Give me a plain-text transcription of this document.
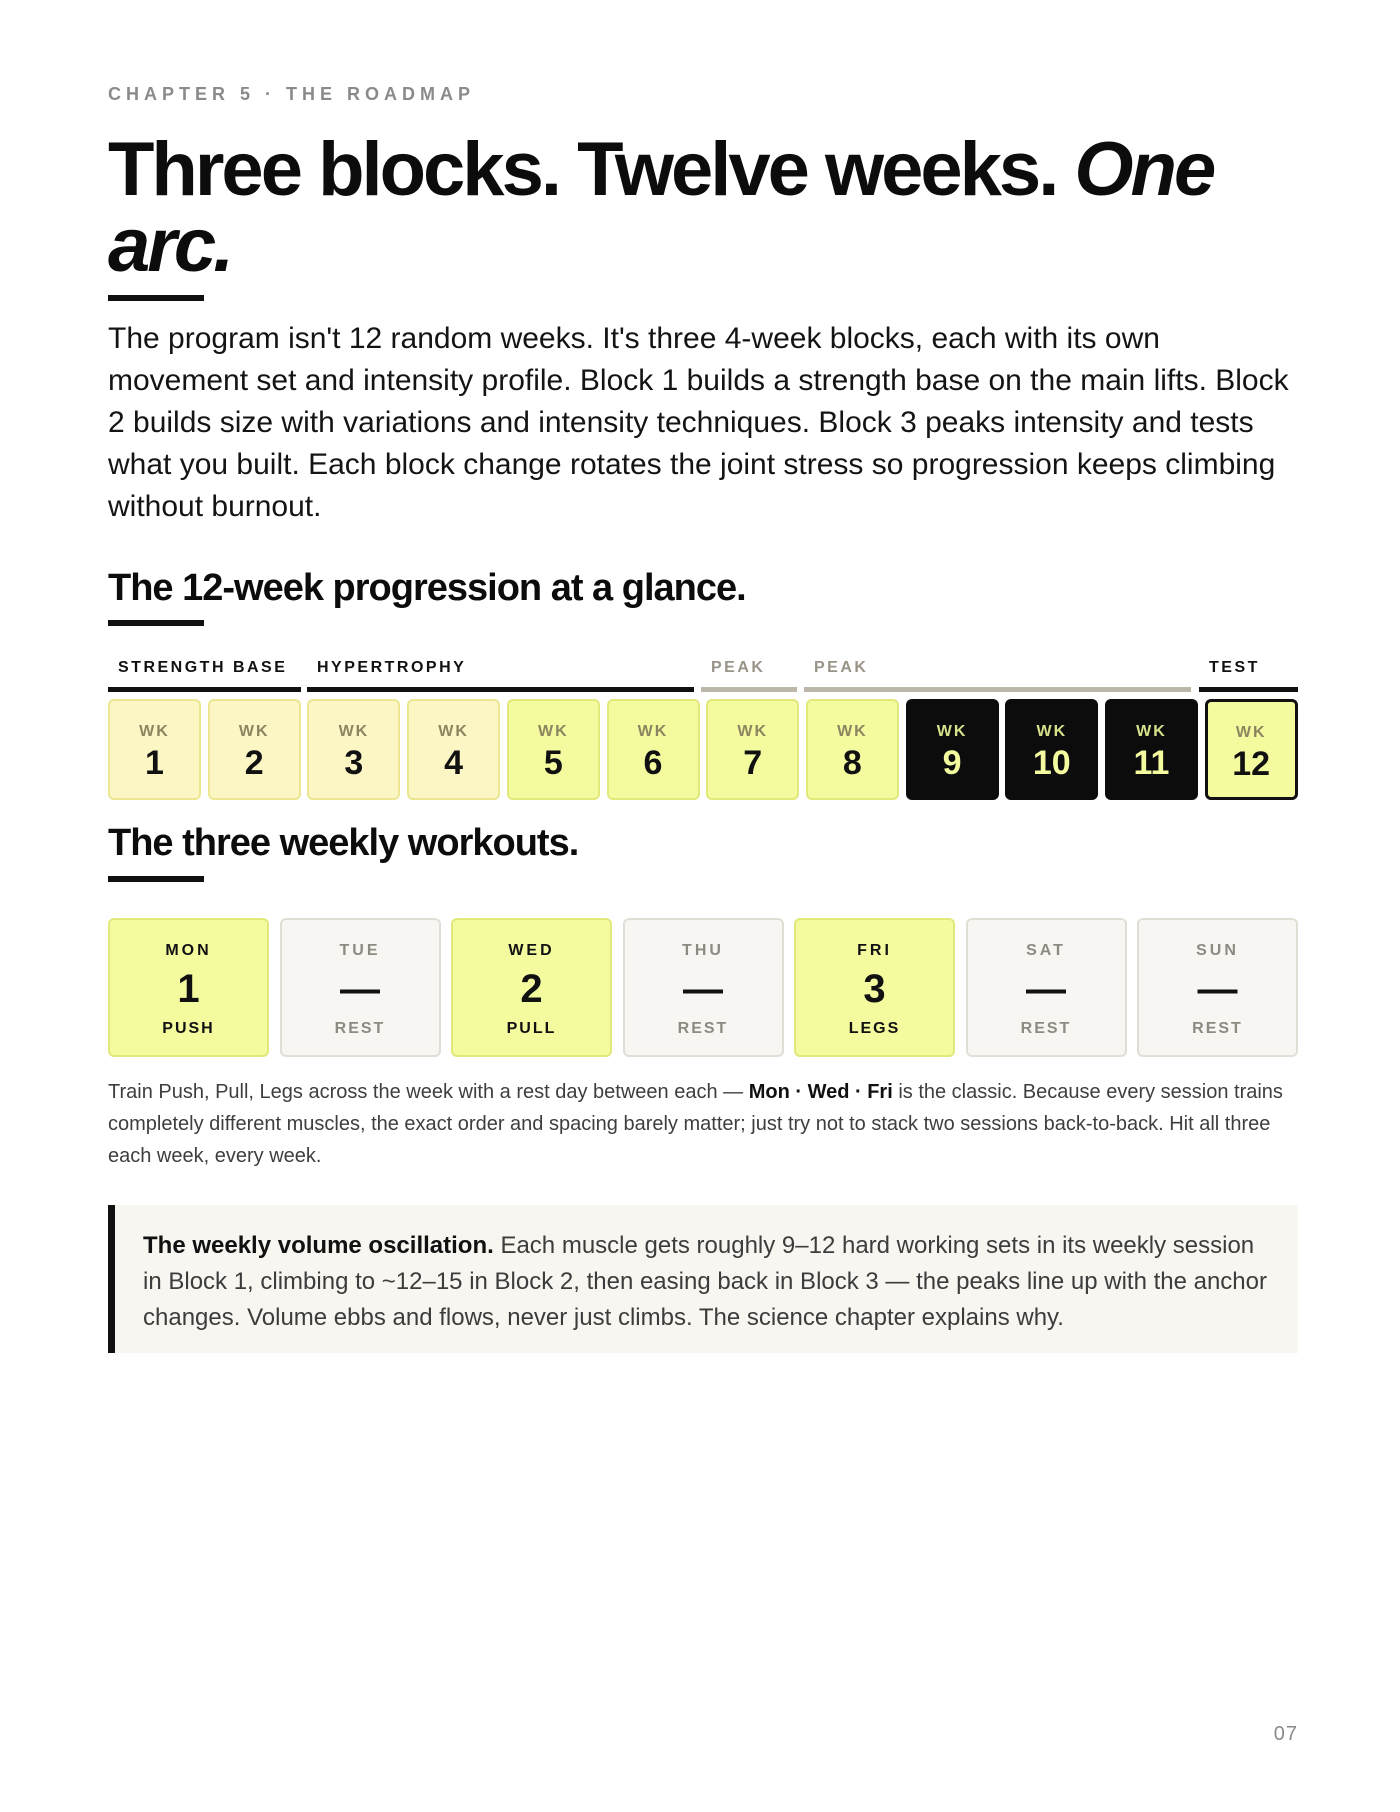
CHAPTER 5 · THE ROADMAP
Three blocks. Twelve weeks. One arc.

The program isn't 12 random weeks. It's three 4-week blocks, each with its own movement set and intensity profile. Block 1 builds a strength base on the main lifts. Block 2 builds size with variations and intensity techniques. Block 3 peaks intensity and tests what you built. Each block change rotates the joint stress so progression keeps climbing without burnout.

The 12-week progression at a glance.
STRENGTH BASE	HYPERTROPHY	PEAK	PEAK	TEST
WK
1
WK
2
WK
3
WK
4
WK
5
WK
6
WK
7
WK
8
WK
9
WK
10
WK
11
WK
12
The three weekly workouts.
MON
1
PUSH
TUE
—
REST
WED
2
PULL
THU
—
REST
FRI
3
LEGS
SAT
—
REST
SUN
—
REST

Train Push, Pull, Legs across the week with a rest day between each — Mon · Wed · Fri is the classic. Because every session trains completely different muscles, the exact order and spacing barely matter; just try not to stack two sessions back-to-back. Hit all three each week, every week.

The weekly volume oscillation. Each muscle gets roughly 9–12 hard working sets in its weekly session in Block 1, climbing to ~12–15 in Block 2, then easing back in Block 3 — the peaks line up with the anchor changes. Volume ebbs and flows, never just climbs. The science chapter explains why.

07
